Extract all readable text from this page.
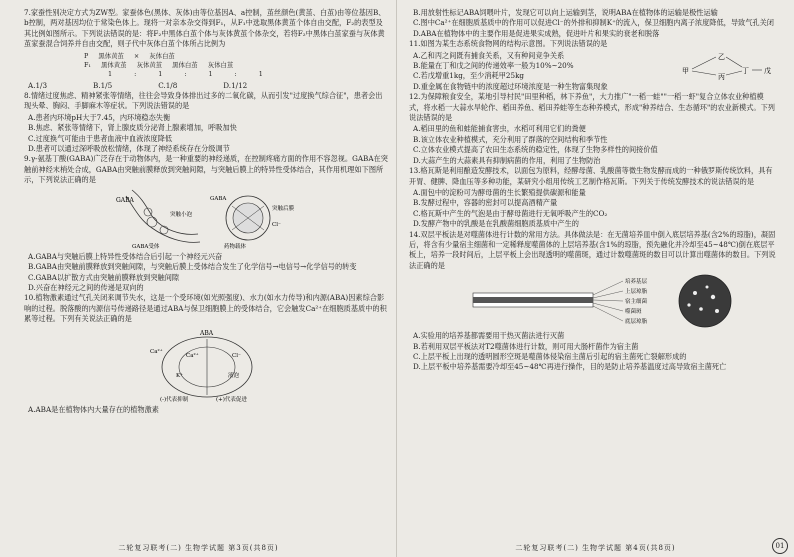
7.家蚕性别决定方式为ZW型。家蚕体色(黑体、灰体)由等位基因A、a控制，茧丝颜色(黄茧、白茧)由等位基因B、b控制，两对基因均位于常染色体上。现将一对亲本杂交得到F₁，从F₁中选取黑体黄茧个体自由交配，F₂的表型及其比例如图所示。下列说法错误的是：将F₂中黑体白茧个体与灰体黄茧个体杂交，若将F₂中黑体白茧家蚕与灰体黄茧家蚕混合饲养并自由交配，则子代中灰体白茧个体所占比例为

P 黑体黄茧 × 灰体白茧
F₁ 黑体黄茧 灰体黄茧 黑体白茧 灰体白茧
1	:	1	:	1	:	1
A.1/3	B.1/5	C.1/8	D.1/12

8.情绪过度焦虑、精神紧张等情绪，往往会导致身体排出过多的二氧化碳，从而引发"过度换气综合征"，患者会出现头晕、胸闷、手脚麻木等症状。下列说法错误的是

A.患者内环境pH大于7.45，内环境稳态失衡

B.焦虑、紧张等情绪下，肾上腺皮质分泌肾上腺素增加，呼吸加快

C.过度换气可能由于患者血液中血液浓度降低

D.患者可以通过深呼吸放松情绪，体现了神经系统存在分级调节

9.γ-氨基丁酸(GABA)广泛存在于动物体内，是一种重要的神经递质，在控制疼痛方面的作用不容忽视。GABA在突触前神经末梢处合成，GABA由突触前膜释放到突触间隙，与突触后膜上的特异性受体结合，其作用机理如下图所示，下列说法正确的是

GABA
突触小泡
GABA
突触后膜
Cl⁻
GABA受体	药物载体

A.GABA与突触后膜上特异性受体结合后引起一个神经元兴奋

B.GABA由突触前膜释放到突触间隙，与突触后膜上受体结合发生了化学信号→电信号→化学信号的转变

C.GABA以扩散方式由突触前膜释放到突触间隙

D.兴奋在神经元之间的传递是双向的

10.植物激素通过气孔关闭来调节失水，这是一个受环境(如光照强度)、水力(如水力传导)和内源(ABA)因素综合影响的过程。脱落酸的内源信号传递路径是通过ABA与保卫细胞膜上的受体结合，它会触发Ca²⁺在细胞质基质中的积累等过程。下列有关说法正确的是

ABA
Ca²⁺
Ca²⁺
K⁺
Cl⁻
液泡
(-)代表抑制	(+)代表促进

A.ABA是在植物体内大量存在的植物激素

二轮复习联考(二) 生物学试题 第3页(共8页)

B.用放射性标记ABA饲喂叶片，发现它可以向上运输到茎，说明ABA在植物体的运输是极性运输

C.图中Ca²⁺在细胞质基质中的作用可以促进Cl⁻的外排和抑制K⁺的流入，保卫细胞内离子浓度降低，导致气孔关闭

D.ABA在植物体中的主要作用是促进果实成熟，促进叶片和果实的衰老和脱落

11.如图为某生态系统食物网的结构示意图。下列说法错误的是

A.乙和丙之间既有捕食关系，又有种间竞争关系

B.能量在丁和戊之间的传递效率一般为10%~20%

C.若戊增重1kg，至少消耗甲25kg

甲
乙
丙
丁 戊

D.重金属在食物链中的浓度超过环境浓度是一种生物富集现象

12.为保障粮食安全，某地引导村民"田里种稻，林下养鱼"，大力推广"一稻一蛙""一稻一虾"复合立体农业种植模式，将水稻一大蒜水旱轮作、稻田养鱼、稻田养蛙等生态种养模式，形成"种养结合、生态循环"的农业新模式。下列说法错误的是

A.稻田里的鱼和蛙能捕食害虫，水稻可利用它们的粪便

B.该立体农业种植模式，充分利用了群落的空间结构和季节性

C.立体农业模式提高了农田生态系统的稳定性，体现了生物多样性的间接价值

D.大蒜产生的大蒜素具有抑制病菌的作用，利用了生物防治

13.格瓦斯是利用酿造发酵技术，以面包为原料，经酵母菌、乳酸菌等微生物发酵而成的一种俄罗斯传统饮料，具有开胃、健脾、降血压等多种功能，某研究小组用传统工艺制作格瓦斯。下列关于传统发酵技术的说法错误的是

A.面包中的淀粉可为酵母菌的生长繁殖提供碳源和能量

B.发酵过程中，容器的密封可以提高酒精产量

C.格瓦斯中产生的气泡是由于酵母菌进行无氧呼吸产生的CO₂

D.发酵产物中的乳酸是在乳酸菌细胞质基质中产生的

14.双层平板法是对噬菌体进行计数的常用方法。具体做法是：在无菌培养皿中倒入底层培养基(含2%的琼脂)，凝固后，将含有少量宿主细菌和一定稀释度噬菌体的上层培养基(含1%的琼脂，预先融化并冷却至45~48℃)倒在底层平板上，培养一段时间后，上层平板上会出现透明的噬菌斑，通过计数噬菌斑的数目可以计算出噬菌体的数目。下列说法正确的是

培养基层
上层琼脂
宿主细菌
噬菌斑
底层琼脂

A.实验用的培养基都需要用干热灭菌法进行灭菌

B.若利用双层平板法对T2噬菌体进行计数，则可用大肠杆菌作为宿主菌

C.上层平板上出现的透明圆形空斑是噬菌体侵染宿主菌后引起的宿主菌死亡裂解形成的

D.上层平板中培养基需要冷却至45~48℃再进行操作，目的是防止培养基温度过高导致宿主菌死亡

二轮复习联考(二) 生物学试题 第4页(共8页)	01
